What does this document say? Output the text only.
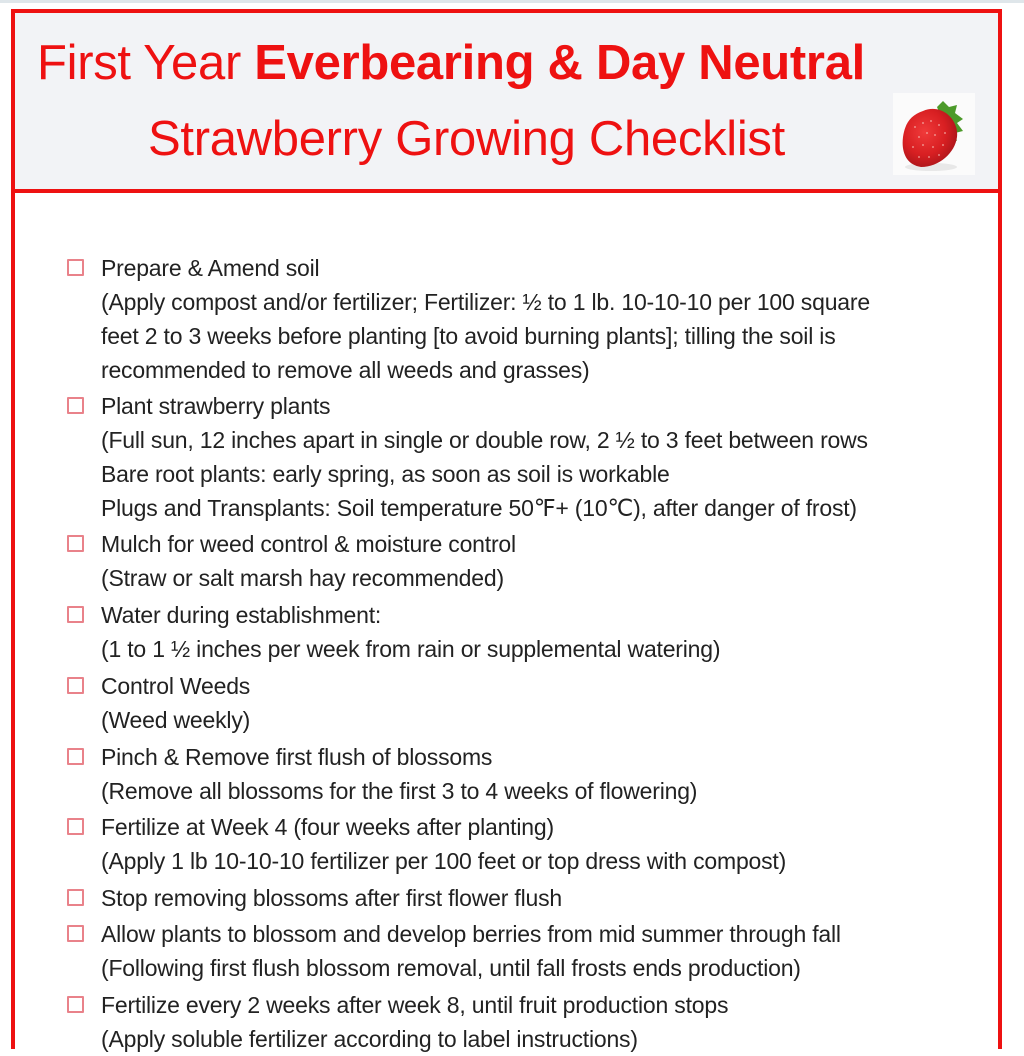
First Year Everbearing & Day Neutral
Strawberry Growing Checklist
Prepare & Amend soil
(Apply compost and/or fertilizer; Fertilizer: ½ to 1 lb. 10-10-10 per 100 square
feet 2 to 3 weeks before planting [to avoid burning plants]; tilling the soil is
recommended to remove all weeds and grasses)
Plant strawberry plants
(Full sun, 12 inches apart in single or double row, 2 ½ to 3 feet between rows
Bare root plants: early spring, as soon as soil is workable
Plugs and Transplants: Soil temperature 50℉+ (10℃), after danger of frost)
Mulch for weed control & moisture control
(Straw or salt marsh hay recommended)
Water during establishment:
(1 to 1 ½ inches per week from rain or supplemental watering)
Control Weeds
(Weed weekly)
Pinch & Remove first flush of blossoms
(Remove all blossoms for the first 3 to 4 weeks of flowering)
Fertilize at Week 4 (four weeks after planting)
(Apply 1 lb 10-10-10 fertilizer per 100 feet or top dress with compost)
Stop removing blossoms after first flower flush
Allow plants to blossom and develop berries from mid summer through fall
(Following first flush blossom removal, until fall frosts ends production)
Fertilize every 2 weeks after week 8, until fruit production stops
(Apply soluble fertilizer according to label instructions)
